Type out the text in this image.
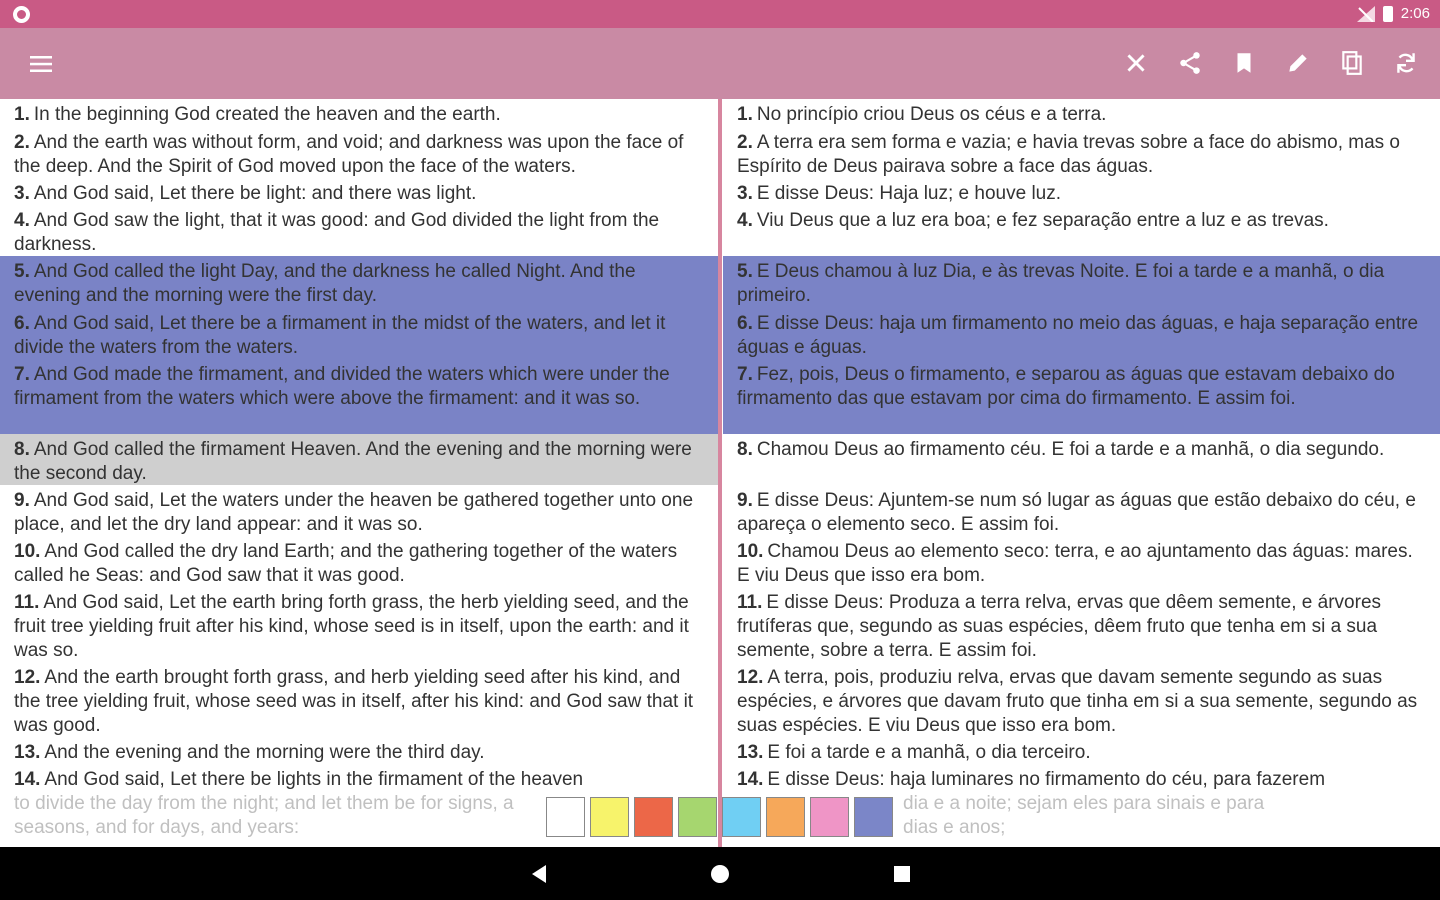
2:06
1. In the beginning God created the heaven and the earth.
2. And the earth was without form, and void; and darkness was upon the face of the deep. And the Spirit of God moved upon the face of the waters.
3. And God said, Let there be light: and there was light.
4. And God saw the light, that it was good: and God divided the light from the darkness.
5. And God called the light Day, and the darkness he called Night. And the evening and the morning were the first day.
6. And God said, Let there be a firmament in the midst of the waters, and let it divide the waters from the waters.
7. And God made the firmament, and divided the waters which were under the firmament from the waters which were above the firmament: and it was so.
8. And God called the firmament Heaven. And the evening and the morning were the second day.
9. And God said, Let the waters under the heaven be gathered together unto one place, and let the dry land appear: and it was so.
10. And God called the dry land Earth; and the gathering together of the waters called he Seas: and God saw that it was good.
11. And God said, Let the earth bring forth grass, the herb yielding seed, and the fruit tree yielding fruit after his kind, whose seed is in itself, upon the earth: and it was so.
12. And the earth brought forth grass, and herb yielding seed after his kind, and the tree yielding fruit, whose seed was in itself, after his kind: and God saw that it was good.
13. And the evening and the morning were the third day.
14. And God said, Let there be lights in the firmament of the heaven
to divide the day from the night; and let them be for signs, a
seasons, and for days, and years:
1. No princípio criou Deus os céus e a terra.
2. A terra era sem forma e vazia; e havia trevas sobre a face do abismo, mas o Espírito de Deus pairava sobre a face das águas.
3. E disse Deus: Haja luz; e houve luz.
4. Viu Deus que a luz era boa; e fez separação entre a luz e as trevas.
5. E Deus chamou à luz Dia, e às trevas Noite. E foi a tarde e a manhã, o dia primeiro.
6. E disse Deus: haja um firmamento no meio das águas, e haja separação entre águas e águas.
7. Fez, pois, Deus o firmamento, e separou as águas que estavam debaixo do firmamento das que estavam por cima do firmamento. E assim foi.
8. Chamou Deus ao firmamento céu. E foi a tarde e a manhã, o dia segundo.
9. E disse Deus: Ajuntem-se num só lugar as águas que estão debaixo do céu, e apareça o elemento seco. E assim foi.
10. Chamou Deus ao elemento seco: terra, e ao ajuntamento das águas: mares. E viu Deus que isso era bom.
11. E disse Deus: Produza a terra relva, ervas que dêem semente, e árvores frutíferas que, segundo as suas espécies, dêem fruto que tenha em si a sua semente, sobre a terra. E assim foi.
12. A terra, pois, produziu relva, ervas que davam semente segundo as suas espécies, e árvores que davam fruto que tinha em si a sua semente, segundo as suas espécies. E viu Deus que isso era bom.
13. E foi a tarde e a manhã, o dia terceiro.
14. E disse Deus: haja luminares no firmamento do céu, para fazerem
dia e a noite; sejam eles para sinais e para
dias e anos;
